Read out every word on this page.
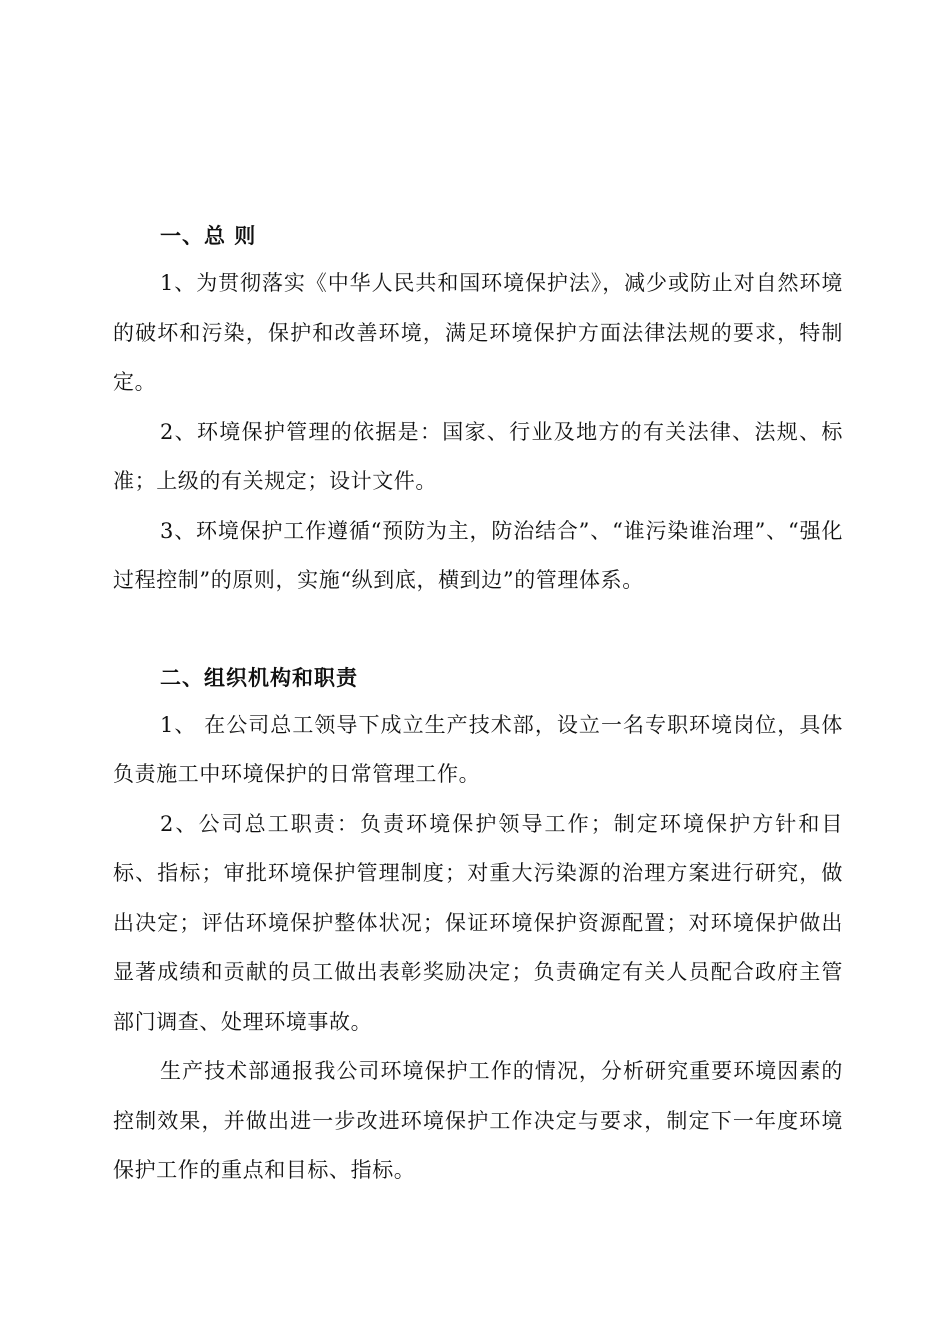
一、总 则

1、为贯彻落实《中华人民共和国环境保护法》，减少或防止对自然环境的破坏和污染，保护和改善环境，满足环境保护方面法律法规的要求，特制定。

2、环境保护管理的依据是：国家、行业及地方的有关法律、法规、标准；上级的有关规定；设计文件。

3、环境保护工作遵循“预防为主，防治结合”、“谁污染谁治理”、“强化过程控制”的原则，实施“纵到底，横到边”的管理体系。

二、组织机构和职责

1、 在公司总工领导下成立生产技术部，设立一名专职环境岗位，具体负责施工中环境保护的日常管理工作。

2、公司总工职责：负责环境保护领导工作；制定环境保护方针和目标、指标；审批环境保护管理制度；对重大污染源的治理方案进行研究，做出决定；评估环境保护整体状况；保证环境保护资源配置；对环境保护做出显著成绩和贡献的员工做出表彰奖励决定；负责确定有关人员配合政府主管部门调查、处理环境事故。

生产技术部通报我公司环境保护工作的情况，分析研究重要环境因素的控制效果，并做出进一步改进环境保护工作决定与要求，制定下一年度环境保护工作的重点和目标、指标。
